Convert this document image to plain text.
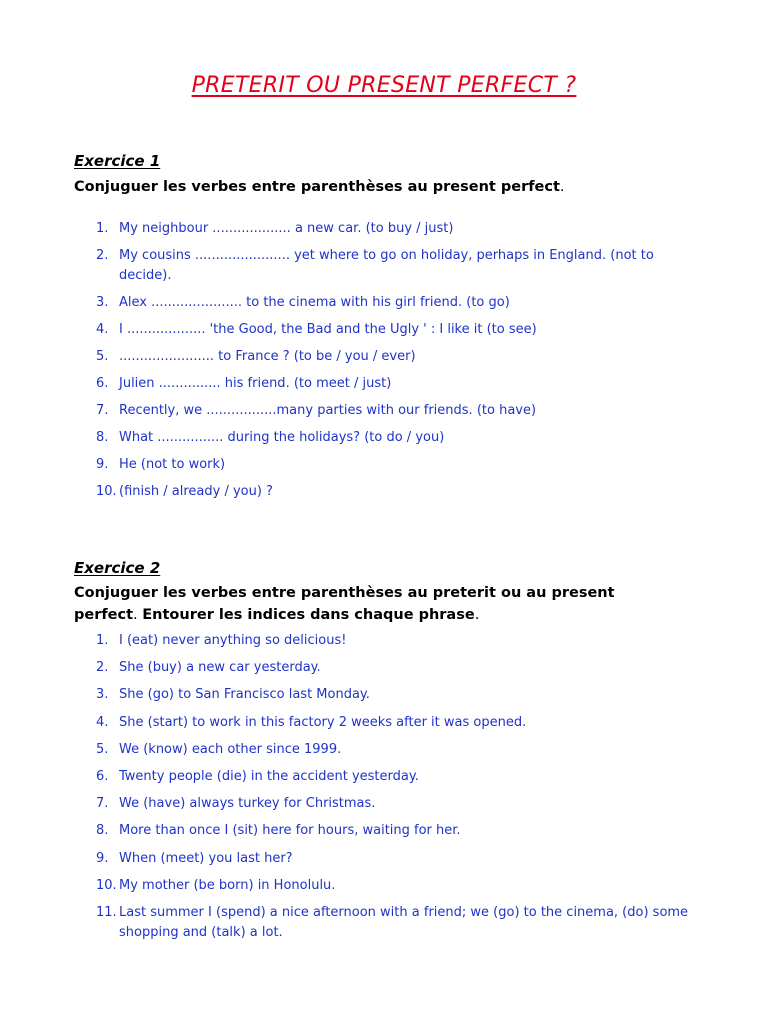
PRETERIT OU PRESENT PERFECT ?
Exercice 1

Conjuguer les verbes entre parenthèses au present perfect.

1. My neighbour ................... a new car. (to buy / just)
2. My cousins ....................... yet where to go on holiday, perhaps in England. (not to decide).
3. Alex ...................... to the cinema with his girl friend. (to go)
4. I ................... 'the Good, the Bad and the Ugly ' : I like it (to see)
5. ....................... to France ? (to be / you / ever)
6. Julien ............... his friend. (to meet / just)
7. Recently, we .................many parties with our friends. (to have)
8. What ................ during the holidays? (to do / you)
9. He (not to work)
10. (finish / already / you) ?
Exercice 2

Conjuguer les verbes entre parenthèses au preterit ou au present perfect. Entourer les indices dans chaque phrase.

1. I (eat) never anything so delicious!
2. She (buy) a new car yesterday.
3. She (go) to San Francisco last Monday.
4. She (start) to work in this factory 2 weeks after it was opened.
5. We (know) each other since 1999.
6. Twenty people (die) in the accident yesterday.
7. We (have) always turkey for Christmas.
8. More than once I (sit) here for hours, waiting for her.
9. When (meet) you last her?
10. My mother (be born) in Honolulu.
11. Last summer I (spend) a nice afternoon with a friend; we (go) to the cinema, (do) some shopping and (talk) a lot.
